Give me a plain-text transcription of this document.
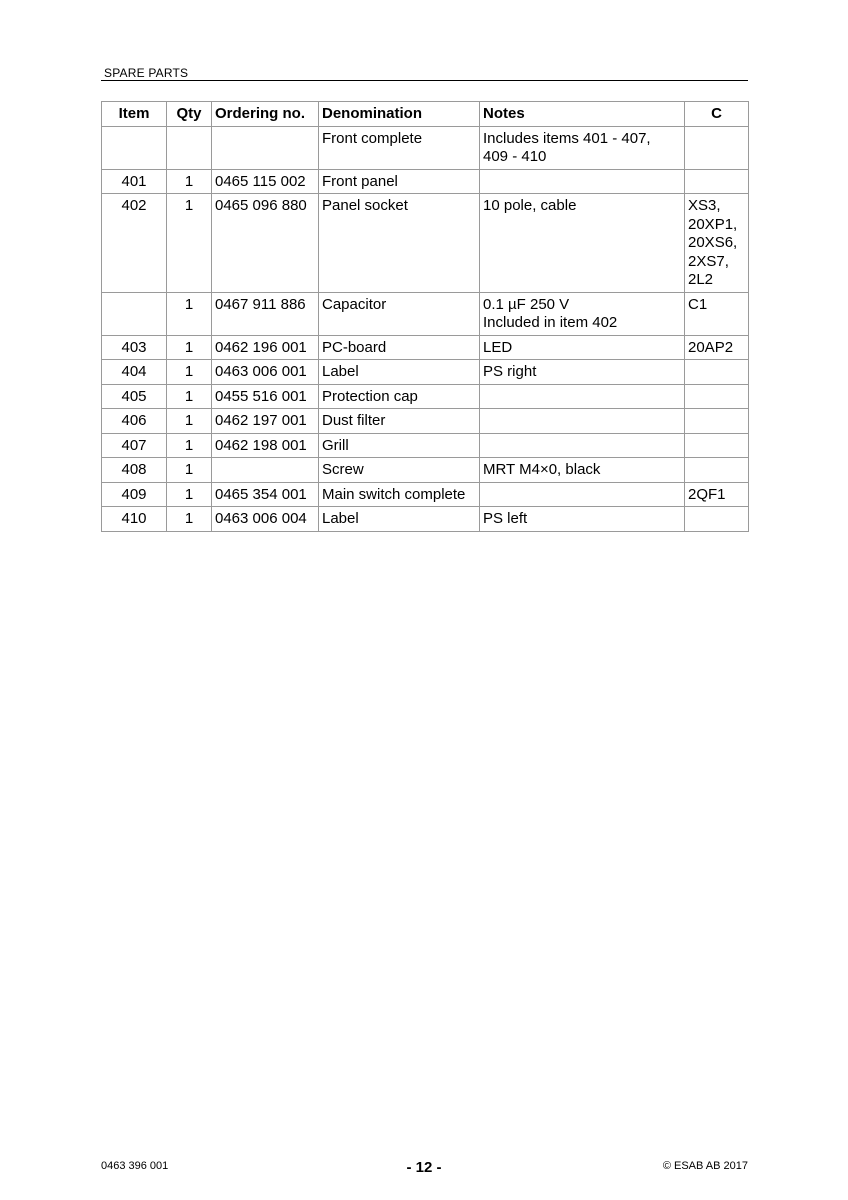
SPARE PARTS
Item	Qty	Ordering no.	Denomination	Notes	C
			Front complete	Includes items 401 - 407,
409 - 410	
401	1	0465 115 002	Front panel		
402	1	0465 096 880	Panel socket	10 pole, cable	XS3,
20XP1,
20XS6,
2XS7,
2L2
	1	0467 911 886	Capacitor	0.1 µF 250 V
Included in item 402	C1
403	1	0462 196 001	PC-board	LED	20AP2
404	1	0463 006 001	Label	PS right	
405	1	0455 516 001	Protection cap		
406	1	0462 197 001	Dust filter		
407	1	0462 198 001	Grill		
408	1		Screw	MRT M4×0, black	
409	1	0465 354 001	Main switch complete		2QF1
410	1	0463 006 004	Label	PS left	
0463 396 001	- 12 -	© ESAB AB 2017
